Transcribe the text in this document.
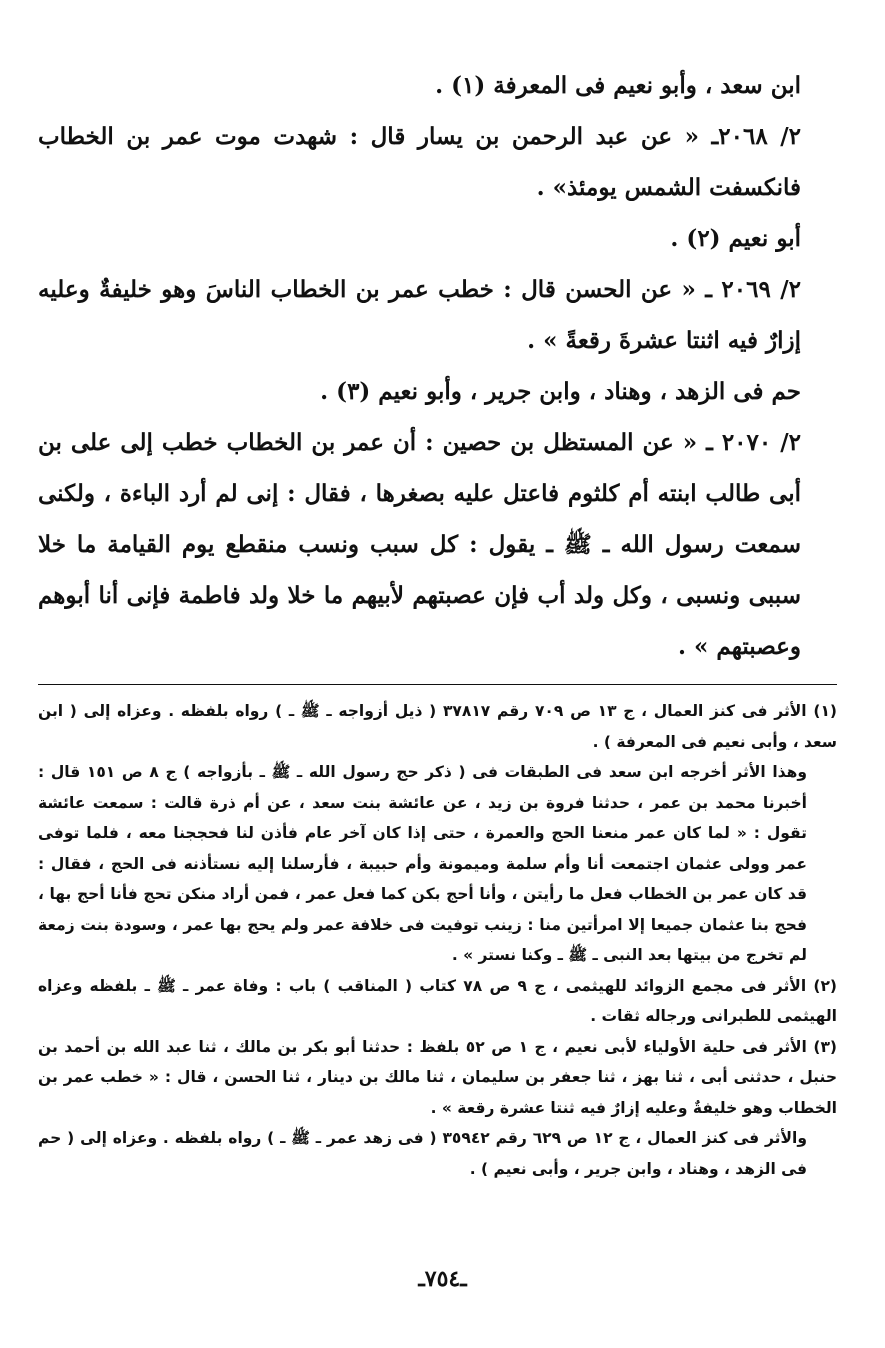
ابن سعد ، وأبو نعيم فى المعرفة (١) .

٢/ ٢٠٦٨ـ « عن عبد الرحمن بن يسار قال : شهدت موت عمر بن الخطاب فانكسفت الشمس يومئذ» .

أبو نعيم (٢) .

٢/ ٢٠٦٩ ـ « عن الحسن قال : خطب عمر بن الخطاب الناسَ وهو خليفةٌ وعليه إزارٌ فيه اثنتا عشرةَ رقعةً » .

حم فى الزهد ، وهناد ، وابن جرير ، وأبو نعيم (٣) .

٢/ ٢٠٧٠ ـ « عن المستظل بن حصين : أن عمر بن الخطاب خطب إلى على بن أبى طالب ابنته أم كلثوم فاعتل عليه بصغرها ، فقال : إنى لم أرد الباءة ، ولكنى سمعت رسول الله ـ ﷺ ـ يقول : كل سبب ونسب منقطع يوم القيامة ما خلا سببى ونسبى ، وكل ولد أب فإن عصبتهم لأبيهم ما خلا ولد فاطمة فإنى أنا أبوهم وعصبتهم » .

(١) الأثر فى كنز العمال ، ج ١٣ ص ٧٠٩ رقم ٣٧٨١٧ ( ذيل أزواجه ـ ﷺ ـ ) رواه بلفظه . وعزاه إلى ( ابن سعد ، وأبى نعيم فى المعرفة ) .

وهذا الأثر أخرجه ابن سعد فى الطبقات فى ( ذكر حج رسول الله ـ ﷺ ـ بأزواجه ) ج ٨ ص ١٥١ قال : أخبرنا محمد بن عمر ، حدثنا فروة بن زيد ، عن عائشة بنت سعد ، عن أم ذرة قالت : سمعت عائشة تقول : « لما كان عمر منعنا الحج والعمرة ، حتى إذا كان آخر عام فأذن لنا فحججنا معه ، فلما توفى عمر وولى عثمان اجتمعت أنا وأم سلمة وميمونة وأم حبيبة ، فأرسلنا إليه نستأذنه فى الحج ، فقال : قد كان عمر بن الخطاب فعل ما رأيتن ، وأنا أحج بكن كما فعل عمر ، فمن أراد منكن تحج فأنا أحج بها ، فحج بنا عثمان جميعا إلا امرأتين منا : زينب توفيت فى خلافة عمر ولم يحج بها عمر ، وسودة بنت زمعة لم تخرج من بيتها بعد النبى ـ ﷺ ـ وكنا نستر » .

(٢) الأثر فى مجمع الزوائد للهيثمى ، ج ٩ ص ٧٨ كتاب ( المناقب ) باب : وفاة عمر ـ ﷺ ـ بلفظه وعزاه الهيثمى للطبرانى ورجاله ثقات .

(٣) الأثر فى حلية الأولياء لأبى نعيم ، ج ١ ص ٥٢ بلفظ : حدثنا أبو بكر بن مالك ، ثنا عبد الله بن أحمد بن حنبل ، حدثنى أبى ، ثنا بهز ، ثنا جعفر بن سليمان ، ثنا مالك بن دينار ، ثنا الحسن ، قال : « خطب عمر بن الخطاب وهو خليفةٌ وعليه إزارٌ فيه ثنتا عشرة رقعة » .

والأثر فى كنز العمال ، ج ١٢ ص ٦٢٩ رقم ٣٥٩٤٢ ( فى زهد عمر ـ ﷺ ـ ) رواه بلفظه . وعزاه إلى ( حم فى الزهد ، وهناد ، وابن جرير ، وأبى نعيم ) .

ـ٧٥٤ـ
